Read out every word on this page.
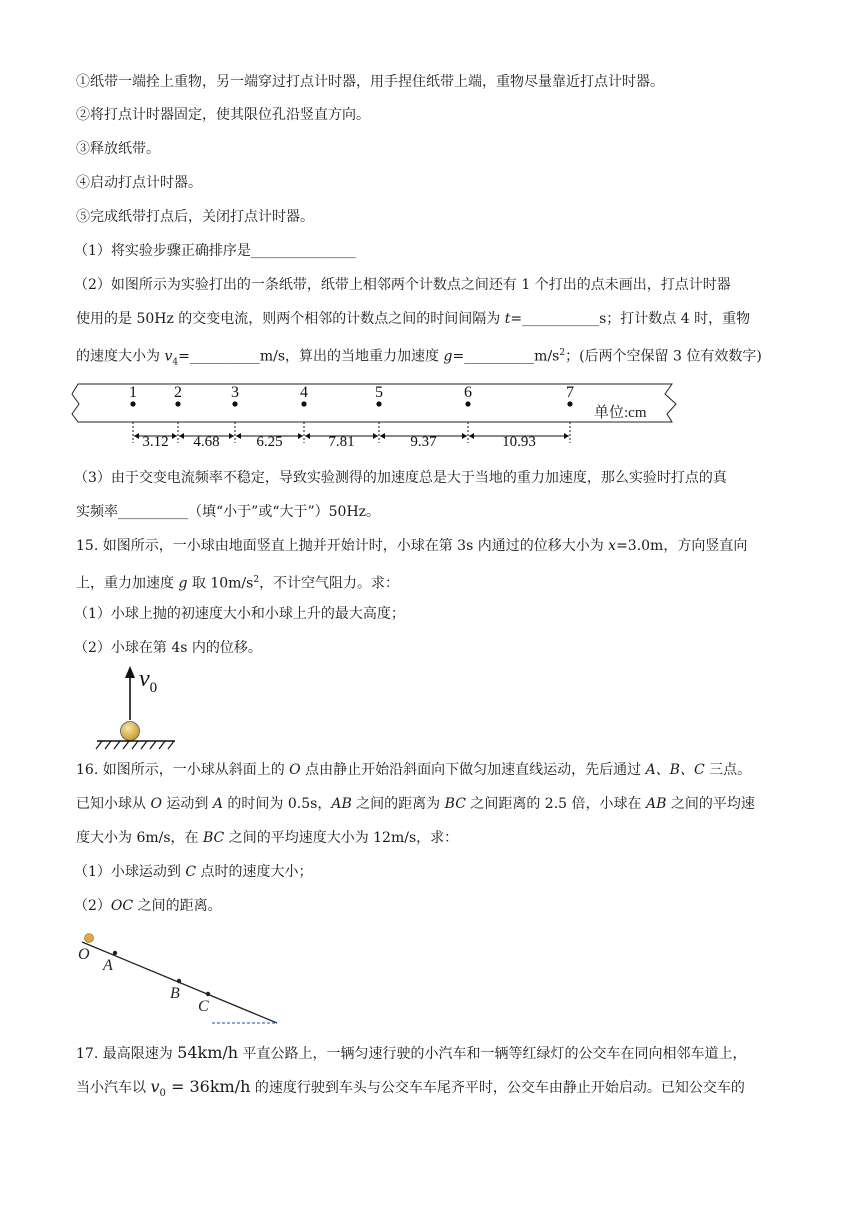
①纸带一端拴上重物，另一端穿过打点计时器，用手捏住纸带上端，重物尽量靠近打点计时器。
②将打点计时器固定，使其限位孔沿竖直方向。
③释放纸带。
④启动打点计时器。
⑤完成纸带打点后，关闭打点计时器。
（1）将实验步骤正确排序是_______________
（2）如图所示为实验打出的一条纸带，纸带上相邻两个计数点之间还有 1 个打出的点未画出，打点计时器
使用的是 50Hz 的交变电流，则两个相邻的计数点之间的时间间隔为 t=___________s；打计数点 4 时，重物
的速度大小为 $v_4=\_\_\_\_\_\_\_\_\_\_m/s$，算出的当地重力加速度 $g=\_\_\_\_\_\_\_\_\_\_m/s^2$；(后两个空保留 3 位有效数字)
1 2	3	4	5	6	7
3.12 4.68 6.25	7.81	9.37	10.93
单位:cm
（3）由于交变电流频率不稳定，导致实验测得的加速度总是大于当地的重力加速度，那么实验时打点的真
实频率__________（填“小于”或“大于”）50Hz。
15. 如图所示，一小球由地面竖直上抛并开始计时，小球在第 3s 内通过的位移大小为 x=3.0m，方向竖直向
上，重力加速度 g 取 $10m/s^2$，不计空气阻力。求：
（1）小球上抛的初速度大小和小球上升的最大高度；
（2）小球在第 4s 内的位移。
$v_0$
16. 如图所示，一小球从斜面上的 O 点由静止开始沿斜面向下做匀加速直线运动，先后通过 A、B、C 三点。
已知小球从 O 运动到 A 的时间为 0.5s，AB 之间的距离为 BC 之间距离的 2.5 倍，小球在 AB 之间的平均速
度大小为 6m/s，在 BC 之间的平均速度大小为 12m/s，求：
（1）小球运动到 C 点时的速度大小；
（2）OC 之间的距离。
O
A
B
C
17. 最高限速为 54km/h 平直公路上，一辆匀速行驶的小汽车和一辆等红绿灯的公交车在同向相邻车道上，
当小汽车以 $v_0 = 36km/h$ 的速度行驶到车头与公交车车尾齐平时，公交车由静止开始启动。已知公交车的
